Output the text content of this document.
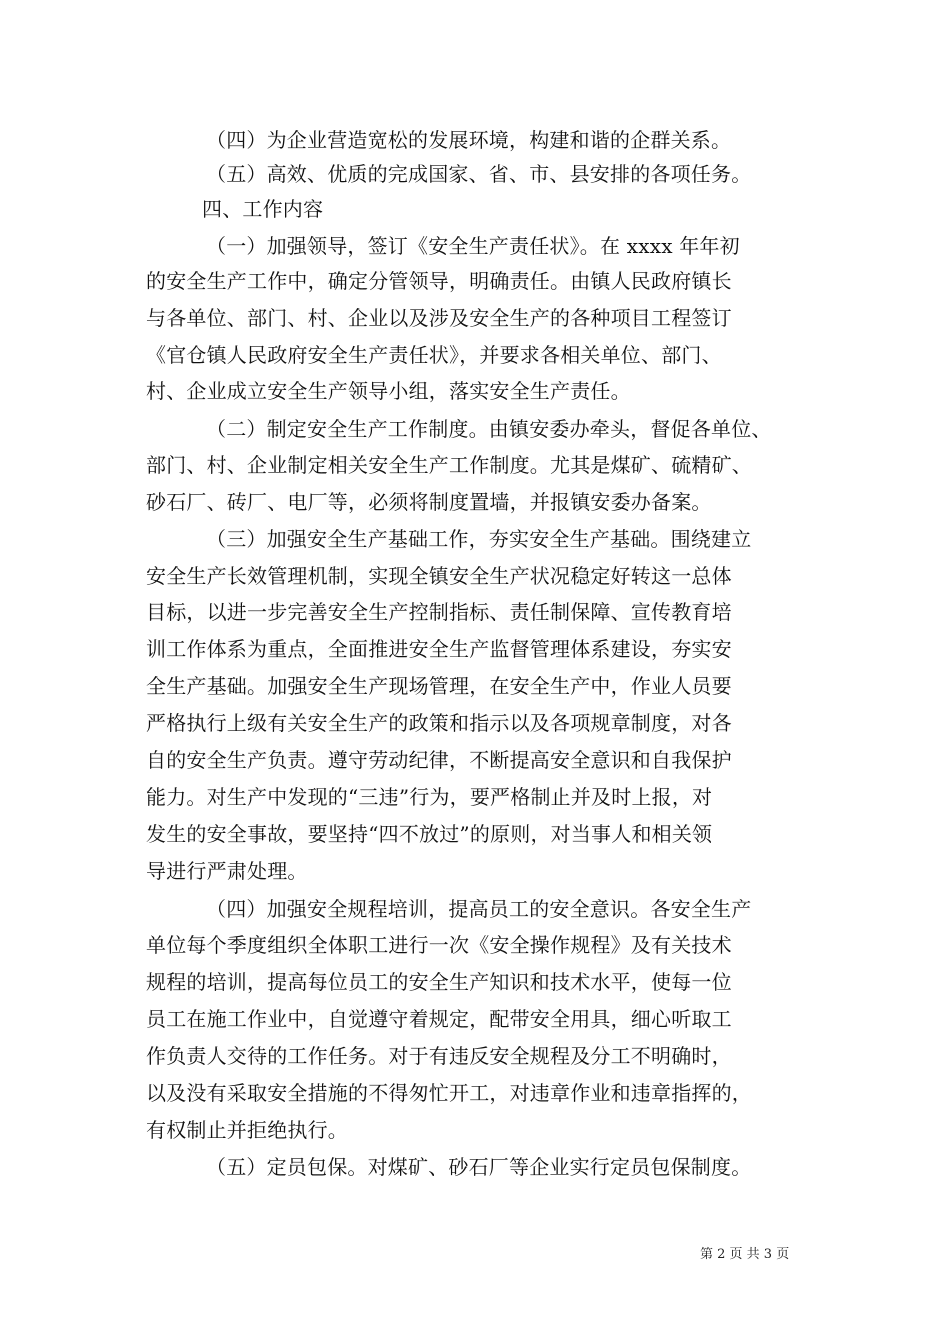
（四）为企业营造宽松的发展环境，构建和谐的企群关系。
（五）高效、优质的完成国家、省、市、县安排的各项任务。
四、工作内容
（一）加强领导，签订《安全生产责任状》。在 xxxx 年年初
的安全生产工作中，确定分管领导，明确责任。由镇人民政府镇长
与各单位、部门、村、企业以及涉及安全生产的各种项目工程签订
《官仓镇人民政府安全生产责任状》，并要求各相关单位、部门、
村、企业成立安全生产领导小组，落实安全生产责任。
（二）制定安全生产工作制度。由镇安委办牵头，督促各单位、
部门、村、企业制定相关安全生产工作制度。尤其是煤矿、硫精矿、
砂石厂、砖厂、电厂等，必须将制度置墙，并报镇安委办备案。
（三）加强安全生产基础工作，夯实安全生产基础。围绕建立
安全生产长效管理机制，实现全镇安全生产状况稳定好转这一总体
目标，以进一步完善安全生产控制指标、责任制保障、宣传教育培
训工作体系为重点，全面推进安全生产监督管理体系建设，夯实安
全生产基础。加强安全生产现场管理，在安全生产中，作业人员要
严格执行上级有关安全生产的政策和指示以及各项规章制度，对各
自的安全生产负责。遵守劳动纪律，不断提高安全意识和自我保护
能力。对生产中发现的“三违”行为，要严格制止并及时上报，对
发生的安全事故，要坚持“四不放过”的原则，对当事人和相关领
导进行严肃处理。
（四）加强安全规程培训，提高员工的安全意识。各安全生产
单位每个季度组织全体职工进行一次《安全操作规程》及有关技术
规程的培训，提高每位员工的安全生产知识和技术水平，使每一位
员工在施工作业中，自觉遵守着规定，配带安全用具，细心听取工
作负责人交待的工作任务。对于有违反安全规程及分工不明确时，
以及没有采取安全措施的不得匆忙开工，对违章作业和违章指挥的，
有权制止并拒绝执行。
（五）定员包保。对煤矿、砂石厂等企业实行定员包保制度。
第 2 页 共 3 页
